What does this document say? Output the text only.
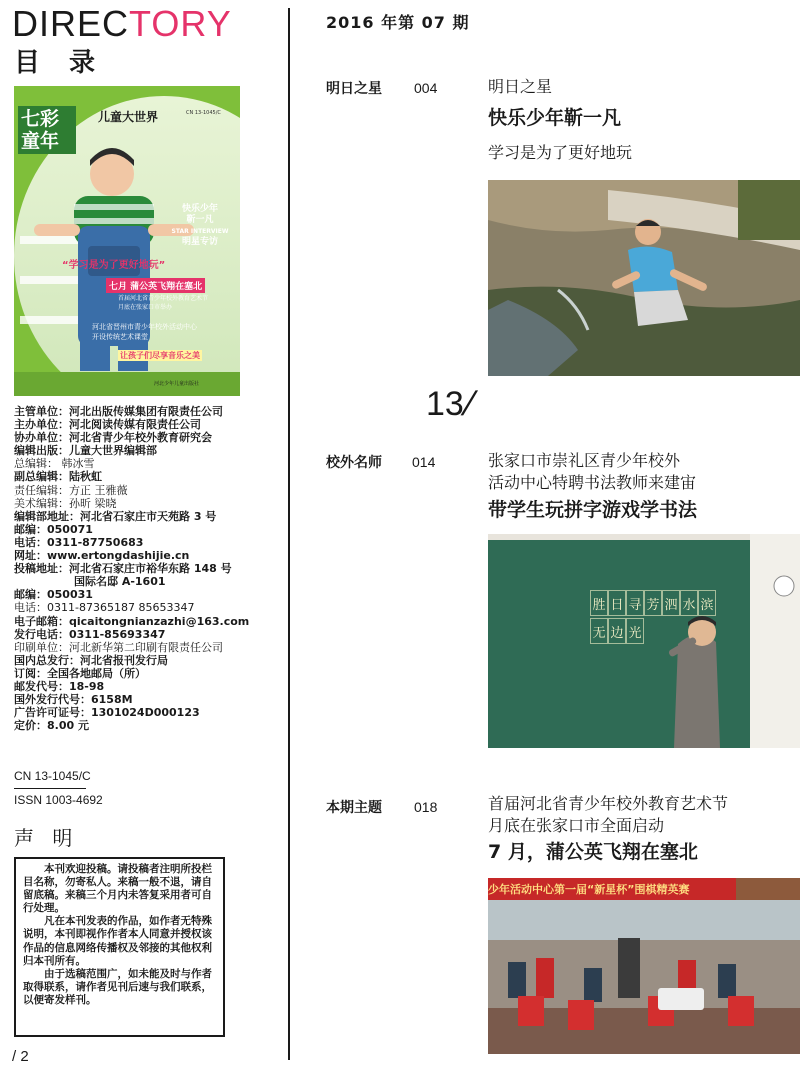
DIRECTORY
目 录
七彩
童年
儿童大世界	CN 13-1045/C
快乐少年
靳一凡
STAR INTERVIEW
明星专访
“学习是为了更好地玩”
七月 蒲公英飞翔在塞北
首届河北省青少年校外教育艺术节
月底在张家口市举办
河北省晋州市青少年校外活动中心
开设传统艺术课堂
让孩子们尽享音乐之美
河北少年儿童出版社
主管单位：河北出版传媒集团有限责任公司
主办单位：河北阅读传媒有限责任公司
协办单位：河北省青少年校外教育研究会
编辑出版：儿童大世界编辑部
总编辑： 韩冰雪
副总编辑：陆秋虹
责任编辑：方正 王雅薇
美术编辑：孙昕 梁晓
编辑部地址：河北省石家庄市天苑路 3 号
邮编：050071
电话：0311-87750683
网址：www.ertongdashijie.cn
投稿地址：河北省石家庄市裕华东路 148 号
国际名邸 A-1601
邮编：050031
电话：0311-87365187 85653347
电子邮箱：qicaitongnianzazhi@163.com
发行电话：0311-85693347
印刷单位：河北新华第二印刷有限责任公司
国内总发行：河北省报刊发行局
订阅：全国各地邮局（所）
邮发代号：18-98
国外发行代号：6158M
广告许可证号：1301024D000123
定价：8.00 元
CN 13-1045/C
ISSN 1003-4692
声 明

本刊欢迎投稿。请投稿者注明所投栏目名称，勿寄私人。来稿一般不退，请自留底稿。来稿三个月内未答复采用者可自行处理。

凡在本刊发表的作品，如作者无特殊说明，本刊即视作作者本人同意并授权该作品的信息网络传播权及邻接的其他权利归本刊所有。

由于选稿范围广，如未能及时与作者取得联系，请作者见刊后速与我们联系，以便寄发样刊。

/ 2
2016 年第 07 期
明日之星 004	明日之星
快乐少年靳一凡
学习是为了更好地玩
13/
校外名师 014	张家口市崇礼区青少年校外
活动中心特聘书法教师来建宙
带学生玩拼字游戏学书法
胜 日 寻 芳 泗 水 滨
无 边 光
本期主题 018	首届河北省青少年校外教育艺术节
月底在张家口市全面启动
7 月，蒲公英飞翔在塞北
少年活动中心第一届“新星杯”围棋精英赛
